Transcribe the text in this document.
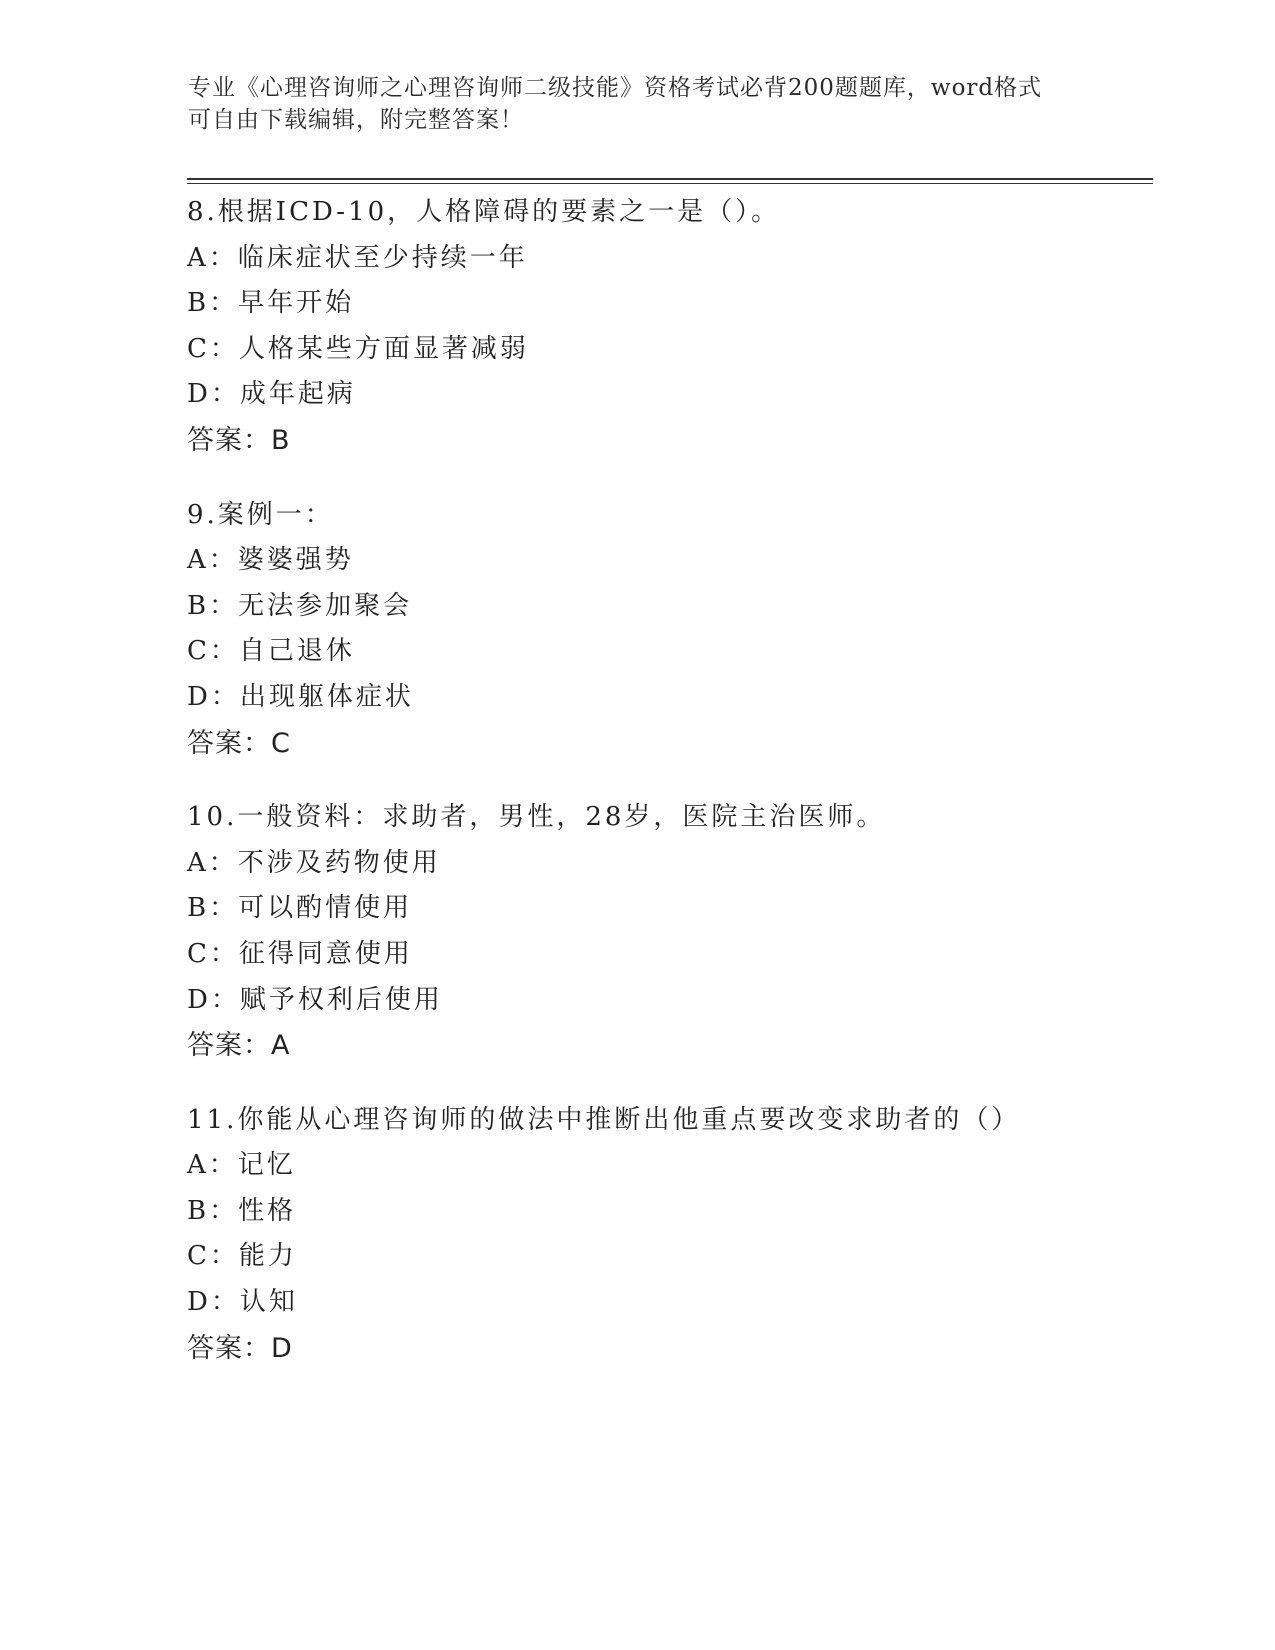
专业《心理咨询师之心理咨询师二级技能》资格考试必背200题题库，word格式
可自由下载编辑，附完整答案！
8.根据ICD-10，人格障碍的要素之一是（）。
A：临床症状至少持续一年
B：早年开始
C：人格某些方面显著减弱
D：成年起病
答案：B
9.案例一：
A：婆婆强势
B：无法参加聚会
C：自己退休
D：出现躯体症状
答案：C
10.一般资料：求助者，男性，28岁，医院主治医师。
A：不涉及药物使用
B：可以酌情使用
C：征得同意使用
D：赋予权利后使用
答案：A
11.你能从心理咨询师的做法中推断出他重点要改变求助者的（）
A：记忆
B：性格
C：能力
D：认知
答案：D
